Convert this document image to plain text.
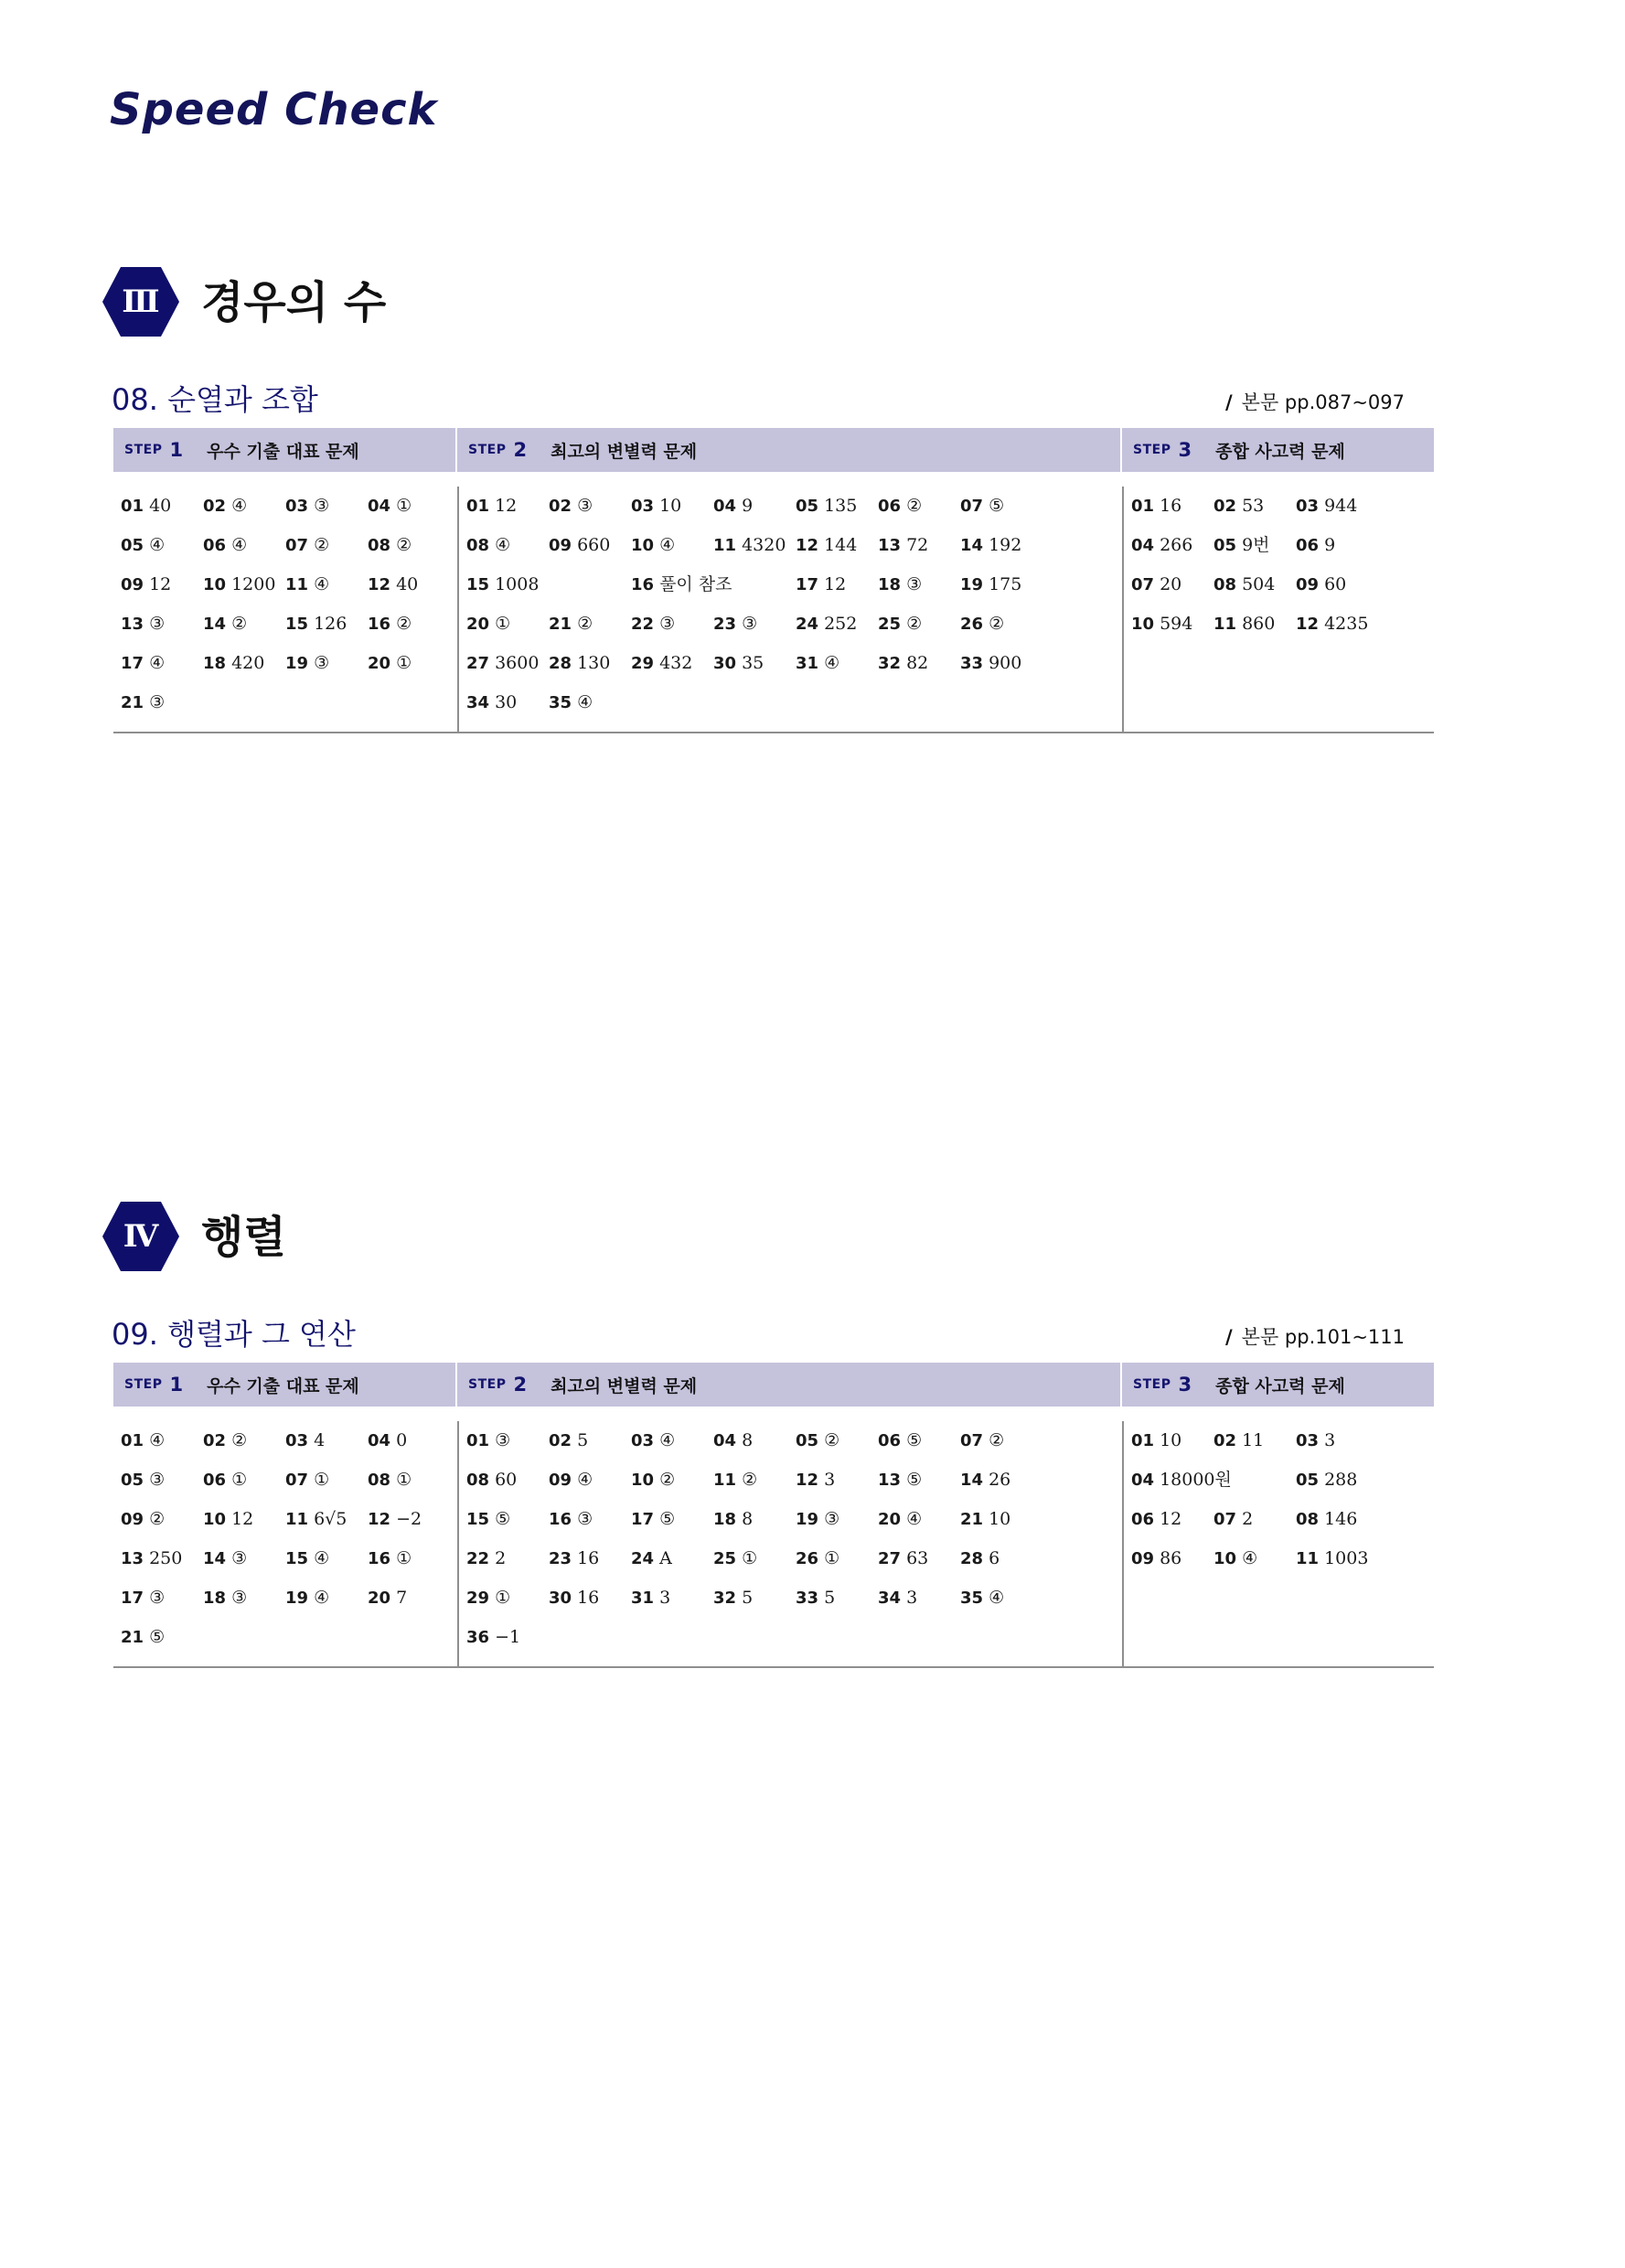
Speed Check
Ⅲ 경우의 수
08. 순열과 조합	/ 본문 pp.087~097
STEP 1 우수 기출 대표 문제	STEP 2 최고의 변별력 문제	STEP 3 종합 사고력 문제
01 40	02 ④	03 ③	04 ①
05 ④	06 ④	07 ②	08 ②
09 12	10 1200 11 ④	12 40
13 ③	14 ②	15 126	16 ②
17 ④	18 420	19 ③	20 ①
21 ③
01 12	02 ③	03 10	04 9	05 135	06 ②	07 ⑤
08 ④	09 660	10 ④	11 4320 12 144	13 72	14 192
15 1008	16 풀이 참조	17 12	18 ③	19 175
20 ①	21 ②	22 ③	23 ③	24 252	25 ②	26 ②
27 3600 28 130	29 432	30 35	31 ④	32 82	33 900
34 30	35 ④
01 16	02 53	03 944
04 266	05 9번	06 9
07 20	08 504	09 60
10 594	11 860	12 4235
Ⅳ 행렬
09. 행렬과 그 연산	/ 본문 pp.101~111
STEP 1 우수 기출 대표 문제	STEP 2 최고의 변별력 문제	STEP 3 종합 사고력 문제
01 ④	02 ②	03 4	04 0
05 ③	06 ①	07 ①	08 ①
09 ②	10 12	11 6√5	12 −2
13 250	14 ③	15 ④	16 ①
17 ③	18 ③	19 ④	20 7
21 ⑤
01 ③	02 5	03 ④	04 8	05 ②	06 ⑤	07 ②
08 60	09 ④	10 ②	11 ②	12 3	13 ⑤	14 26
15 ⑤	16 ③	17 ⑤	18 8	19 ③	20 ④	21 10
22 2	23 16	24 A	25 ①	26 ①	27 63	28 6
29 ①	30 16	31 3	32 5	33 5	34 3	35 ④
36 −1
01 10	02 11	03 3
04 18000원	05 288
06 12	07 2	08 146
09 86	10 ④	11 1003
